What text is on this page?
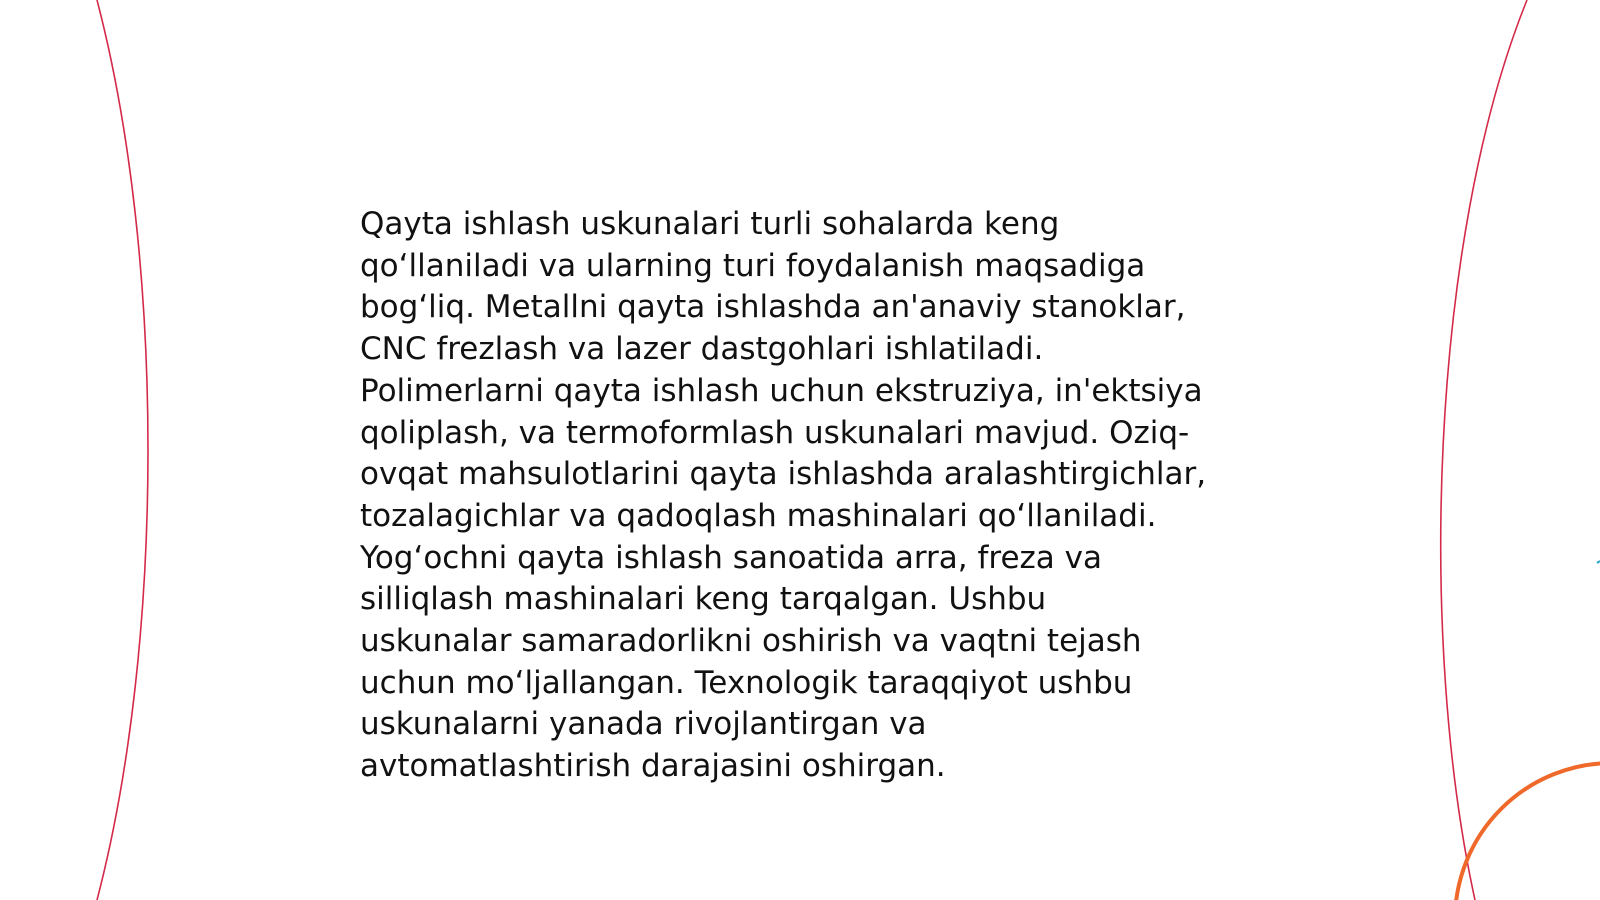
Qayta ishlash uskunalari turli sohalarda keng
qo‘llaniladi va ularning turi foydalanish maqsadiga
bog‘liq. Metallni qayta ishlashda an'anaviy stanoklar,
CNC frezlash va lazer dastgohlari ishlatiladi.
Polimerlarni qayta ishlash uchun ekstruziya, in'ektsiya
qoliplash, va termoformlash uskunalari mavjud. Oziq-
ovqat mahsulotlarini qayta ishlashda aralashtirgichlar,
tozalagichlar va qadoqlash mashinalari qo‘llaniladi.
Yog‘ochni qayta ishlash sanoatida arra, freza va
silliqlash mashinalari keng tarqalgan. Ushbu
uskunalar samaradorlikni oshirish va vaqtni tejash
uchun mo‘ljallangan. Texnologik taraqqiyot ushbu
uskunalarni yanada rivojlantirgan va
avtomatlashtirish darajasini oshirgan.
